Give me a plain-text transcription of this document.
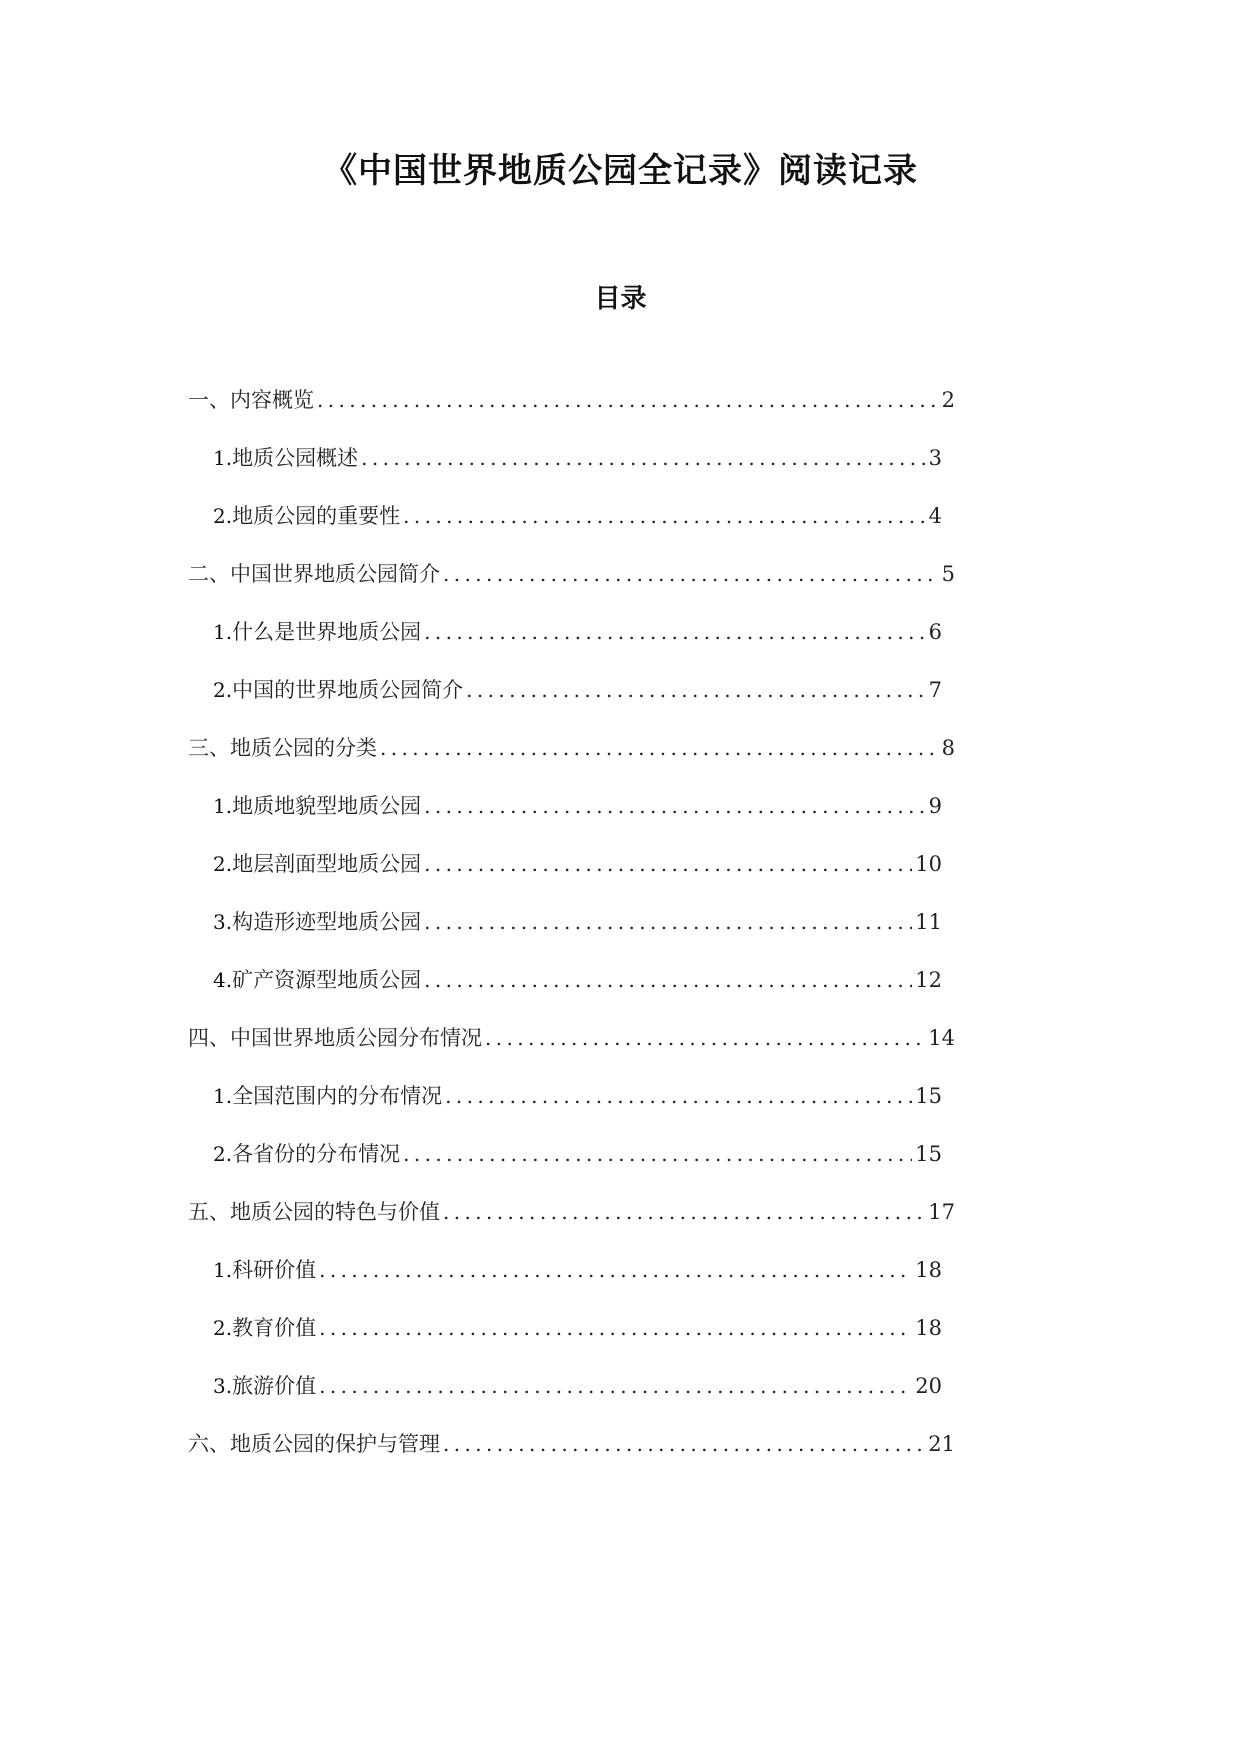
《中国世界地质公园全记录》阅读记录
目录
一、内容概览 .....	2
1. 地质公园概述 .....	3
2. 地质公园的重要性 .....	4
二、中国世界地质公园简介 .....	5
1. 什么是世界地质公园 .....	6
2. 中国的世界地质公园简介 .....	7
三、地质公园的分类 .....	8
1. 地质地貌型地质公园 .....	9
2. 地层剖面型地质公园 .....	10
3. 构造形迹型地质公园 .....	11
4. 矿产资源型地质公园 .....	12
四、中国世界地质公园分布情况 .....	14
1. 全国范围内的分布情况 .....	15
2. 各省份的分布情况 .....	15
五、地质公园的特色与价值 .....	17
1. 科研价值 .....	18
2. 教育价值 .....	18
3. 旅游价值 .....	20
六、地质公园的保护与管理 .....	21
